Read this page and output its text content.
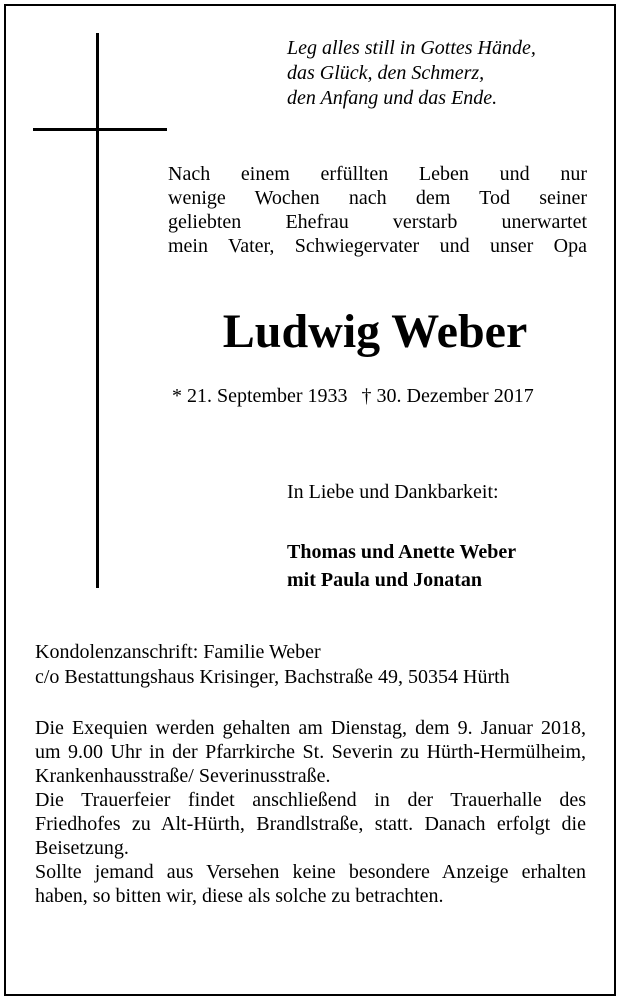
Leg alles still in Gottes Hände,
das Glück, den Schmerz,
den Anfang und das Ende.
Nach einem erfüllten Leben und nur
wenige Wochen nach dem Tod seiner
geliebten Ehefrau verstarb unerwartet
mein Vater, Schwiegervater und unser Opa
Ludwig Weber
* 21. September 1933 † 30. Dezember 2017
In Liebe und Dankbarkeit:
Thomas und Anette Weber
mit Paula und Jonatan
Kondolenzanschrift: Familie Weber
c/o Bestattungshaus Krisinger, Bachstraße 49, 50354 Hürth

Die Exequien werden gehalten am Dienstag, dem 9. Januar 2018, um 9.00 Uhr in der Pfarrkirche St. Severin zu Hürth-Hermülheim, Krankenhausstraße/ Severinusstraße.

Die Trauerfeier findet anschließend in der Trauerhalle des Friedhofes zu Alt-Hürth, Brandlstraße, statt. Danach erfolgt die Beisetzung.

Sollte jemand aus Versehen keine besondere Anzeige erhalten haben, so bitten wir, diese als solche zu betrachten.
